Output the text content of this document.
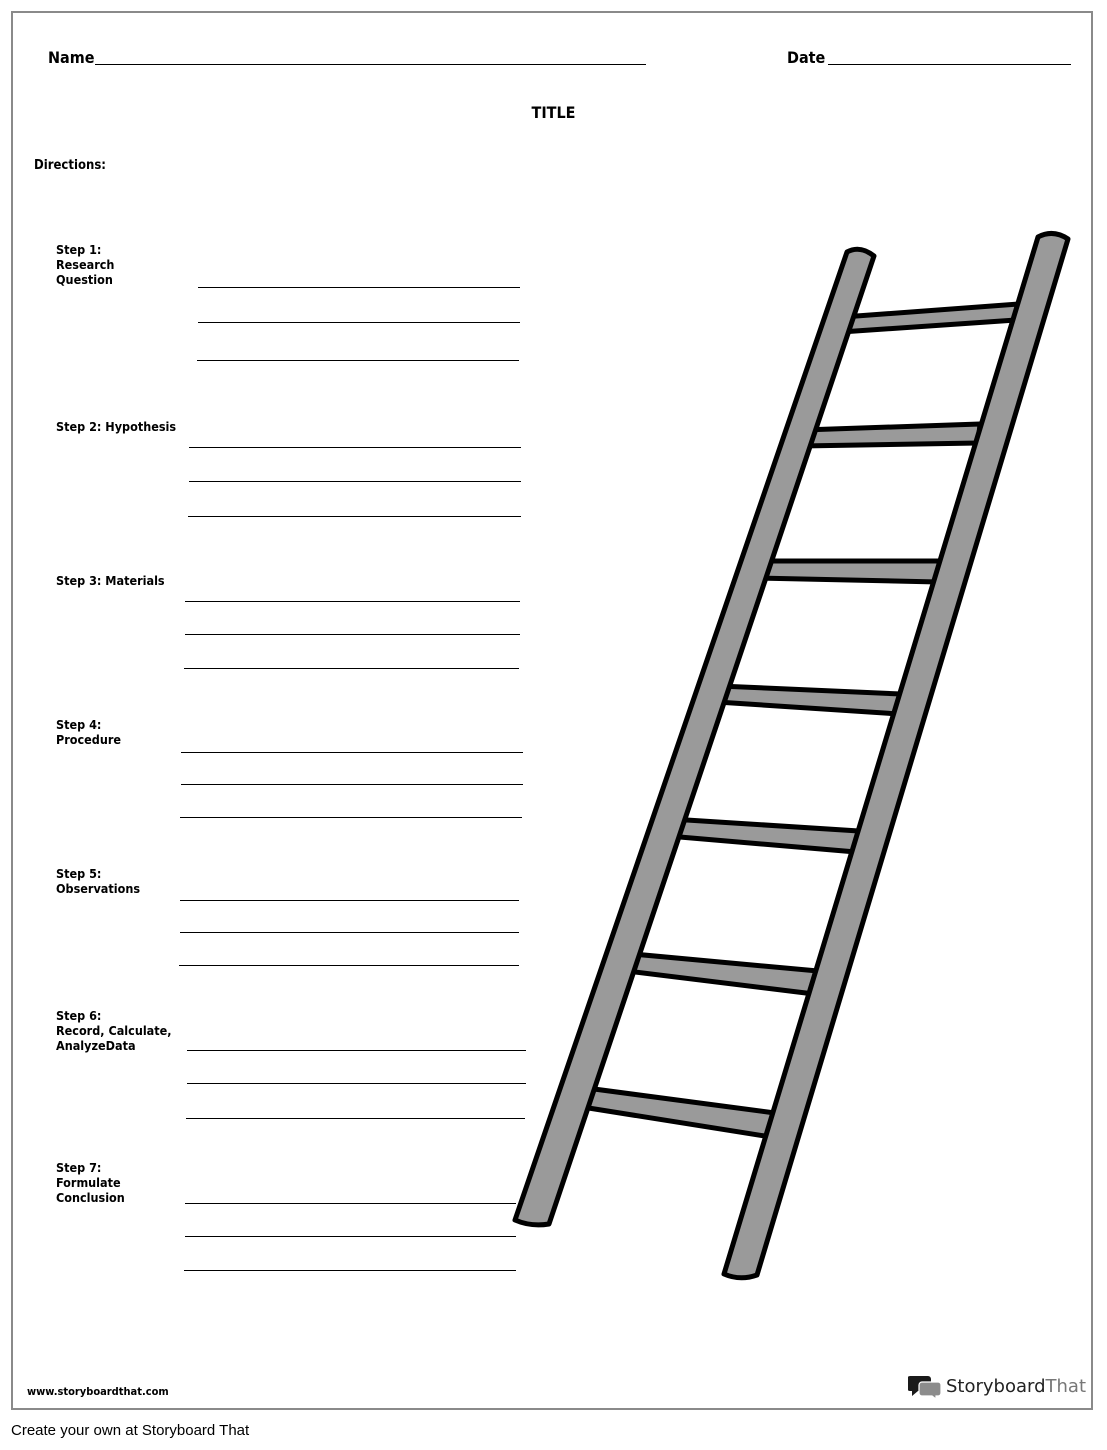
Name	Date
TITLE
Directions:
Step 1:
Research
Question
Step 2: Hypothesis
Step 3: Materials
Step 4:
Procedure
Step 5:
Observations
Step 6:
Record, Calculate,
AnalyzeData
Step 7:
Formulate
Conclusion
www.storyboardthat.com	StoryboardThat
Create your own at Storyboard That
